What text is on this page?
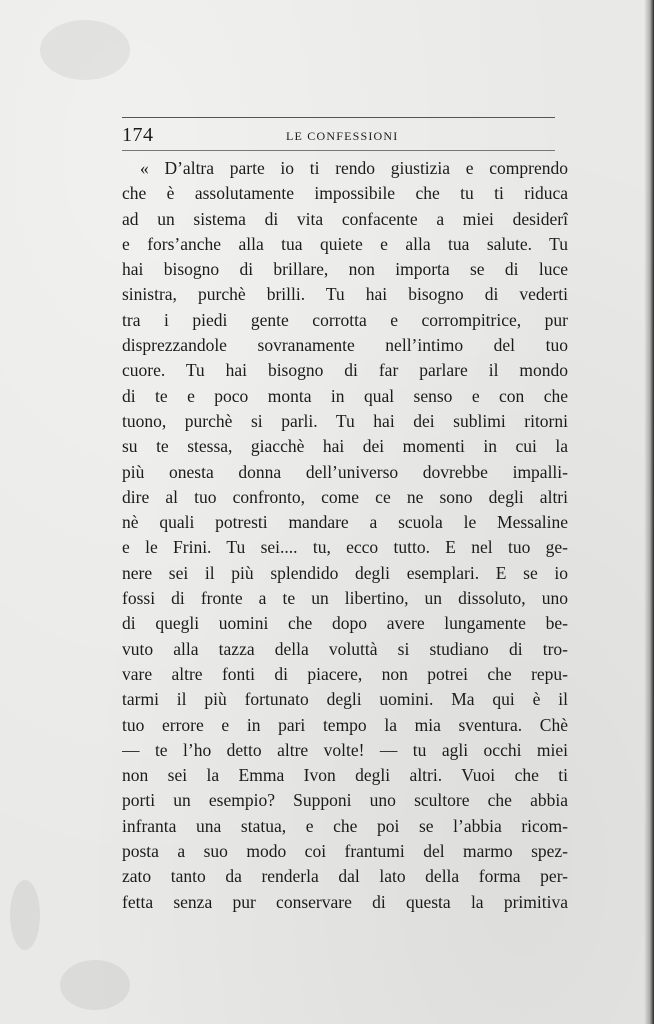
174	LE CONFESSIONI
« D’altra parte io ti rendo giustizia e comprendo
che è assolutamente impossibile che tu ti riduca
ad un sistema di vita confacente a miei desiderî
e fors’anche alla tua quiete e alla tua salute. Tu
hai bisogno di brillare, non importa se di luce
sinistra, purchè brilli. Tu hai bisogno di vederti
tra i piedi gente corrotta e corrompitrice, pur
disprezzandole sovranamente nell’intimo del tuo
cuore. Tu hai bisogno di far parlare il mondo
di te e poco monta in qual senso e con che
tuono, purchè si parli. Tu hai dei sublimi ritorni
su te stessa, giacchè hai dei momenti in cui la
più onesta donna dell’universo dovrebbe impalli-
dire al tuo confronto, come ce ne sono degli altri
nè quali potresti mandare a scuola le Messaline
e le Frini. Tu sei.... tu, ecco tutto. E nel tuo ge-
nere sei il più splendido degli esemplari. E se io
fossi di fronte a te un libertino, un dissoluto, uno
di quegli uomini che dopo avere lungamente be-
vuto alla tazza della voluttà si studiano di tro-
vare altre fonti di piacere, non potrei che repu-
tarmi il più fortunato degli uomini. Ma qui è il
tuo errore e in pari tempo la mia sventura. Chè
— te l’ho detto altre volte! — tu agli occhi miei
non sei la Emma Ivon degli altri. Vuoi che ti
porti un esempio? Supponi uno scultore che abbia
infranta una statua, e che poi se l’abbia ricom-
posta a suo modo coi frantumi del marmo spez-
zato tanto da renderla dal lato della forma per-
fetta senza pur conservare di questa la primitiva
